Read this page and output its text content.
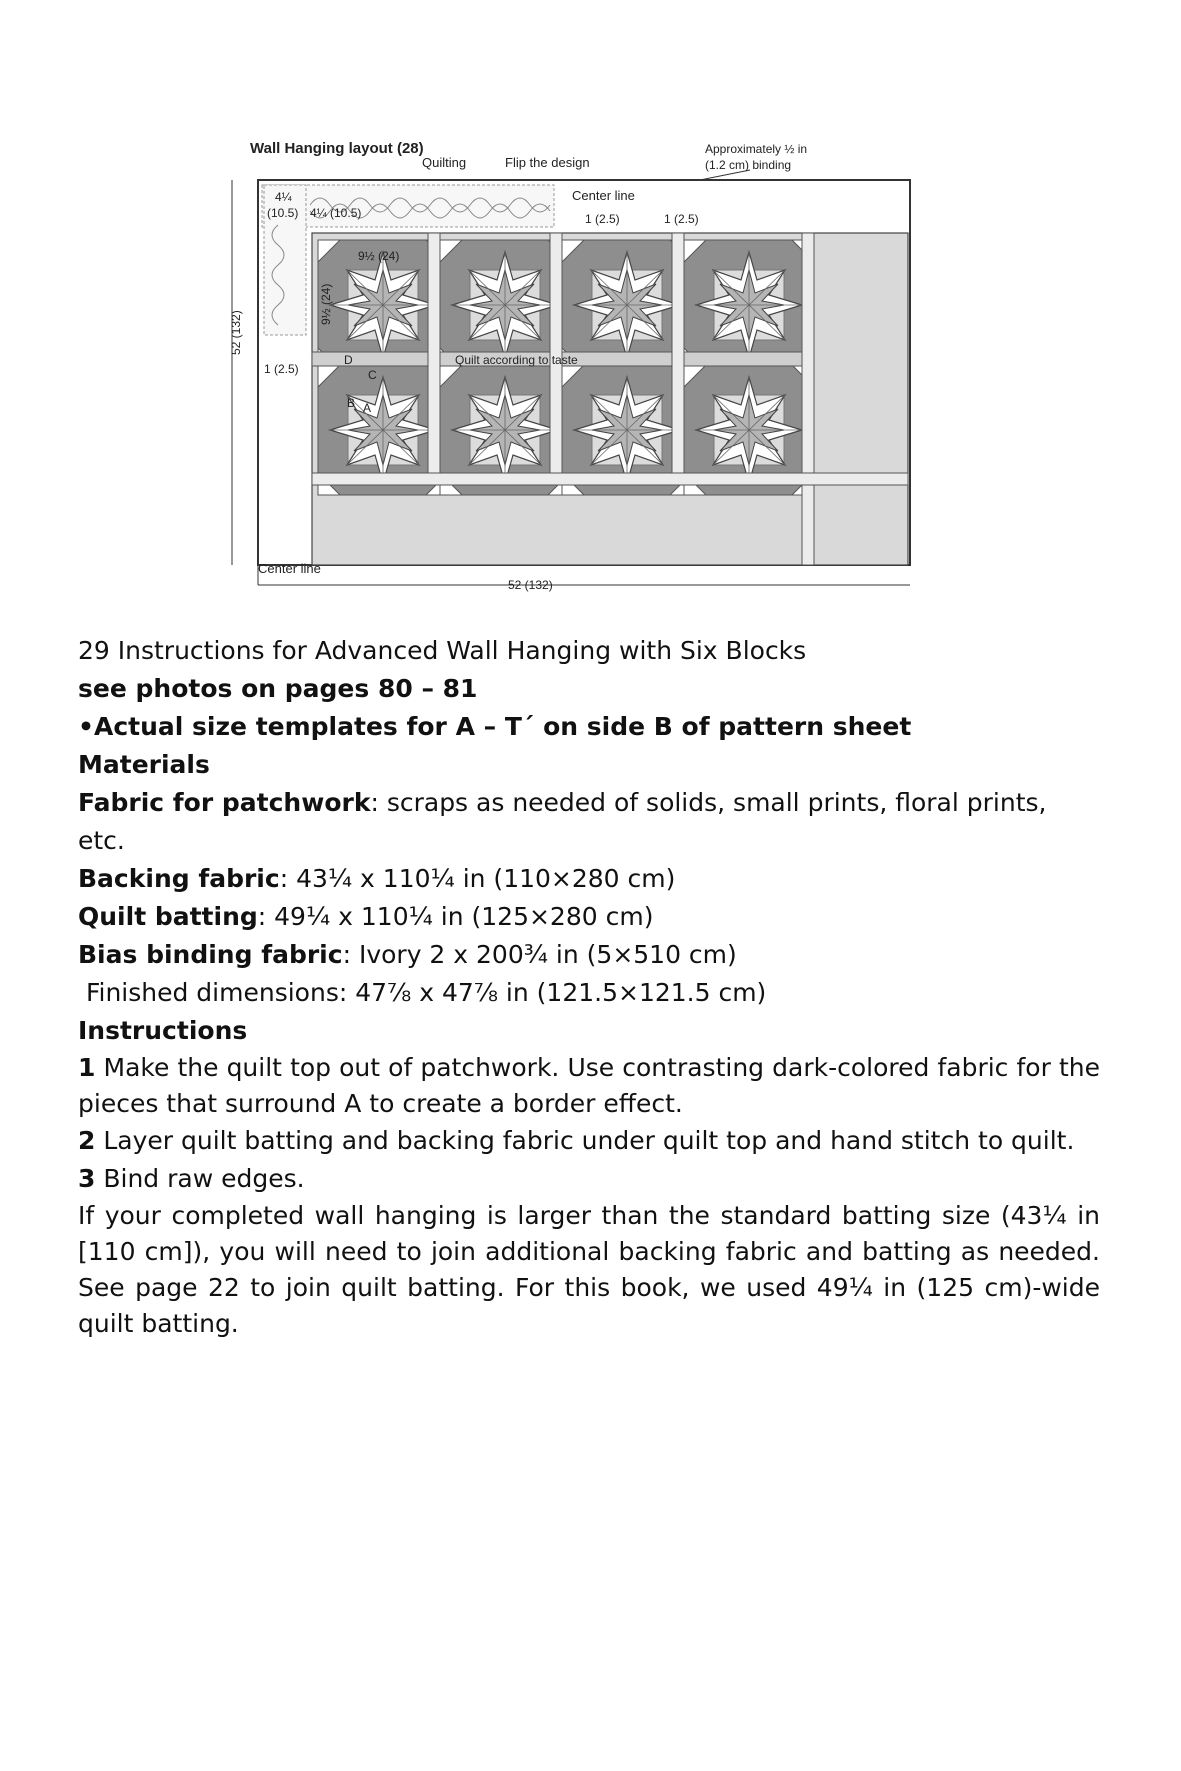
Wall Hanging layout (28)
Quilting	Flip the design
Approximately ½ in
(1.2 cm) binding
Center line
4¼
(10.5) 4¼ (10.5)	1 (2.5)	1 (2.5)
9½ (24)
9½ (24)
1 (2.5)
52 (132)
Quilt according to taste
D
C
B A
Center line
52 (132)

29 Instructions for Advanced Wall Hanging with Six Blocks

see photos on pages 80 – 81

•Actual size templates for A – T´ on side B of pattern sheet

Materials

Fabric for patchwork: scraps as needed of solids, small prints, floral prints, etc.

Backing fabric: 43¼ x 110¼ in (110×280 cm)

Quilt batting: 49¼ x 110¼ in (125×280 cm)

Bias binding fabric: Ivory 2 x 200¾ in (5×510 cm)

Finished dimensions: 47⅞ x 47⅞ in (121.5×121.5 cm)

Instructions

1 Make the quilt top out of patchwork. Use contrasting dark-colored fabric for the pieces that surround A to create a border effect.

2 Layer quilt batting and backing fabric under quilt top and hand stitch to quilt.

3 Bind raw edges.

If your completed wall hanging is larger than the standard batting size (43¼ in [110 cm]), you will need to join additional backing fabric and batting as needed. See page 22 to join quilt batting. For this book, we used 49¼ in (125 cm)-wide quilt batting.
